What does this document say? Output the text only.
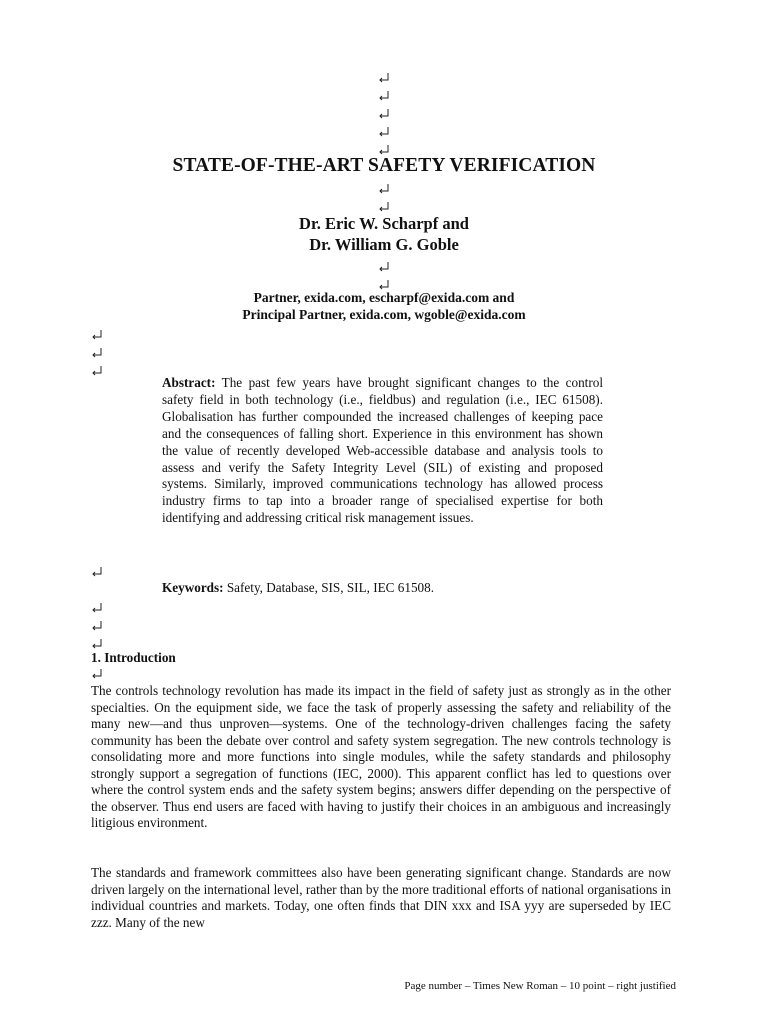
STATE-OF-THE-ART SAFETY VERIFICATION
Dr. Eric W. Scharpf and
Dr. William G. Goble
Partner, exida.com, escharpf@exida.com and
Principal Partner, exida.com, wgoble@exida.com
Abstract: The past few years have brought significant changes to the control safety field in both technology (i.e., fieldbus) and regulation (i.e., IEC 61508). Globalisation has further compounded the increased challenges of keeping pace and the consequences of falling short. Experience in this environment has shown the value of recently developed Web-accessible database and analysis tools to assess and verify the Safety Integrity Level (SIL) of existing and proposed systems. Similarly, improved communications technology has allowed process industry firms to tap into a broader range of specialised expertise for both identifying and addressing critical risk management issues.
Keywords: Safety, Database, SIS, SIL, IEC 61508.
1. Introduction
The controls technology revolution has made its impact in the field of safety just as strongly as in the other specialties. On the equipment side, we face the task of properly assessing the safety and reliability of the many new—and thus unproven—systems. One of the technology-driven challenges facing the safety community has been the debate over control and safety system segregation. The new controls technology is consolidating more and more functions into single modules, while the safety standards and philosophy strongly support a segregation of functions (IEC, 2000). This apparent conflict has led to questions over where the control system ends and the safety system begins; answers differ depending on the perspective of the observer. Thus end users are faced with having to justify their choices in an ambiguous and increasingly litigious environment.
The standards and framework committees also have been generating significant change. Standards are now driven largely on the international level, rather than by the more traditional efforts of national organisations in individual countries and markets. Today, one often finds that DIN xxx and ISA yyy are superseded by IEC zzz. Many of the new
Page number – Times New Roman – 10 point – right justified
